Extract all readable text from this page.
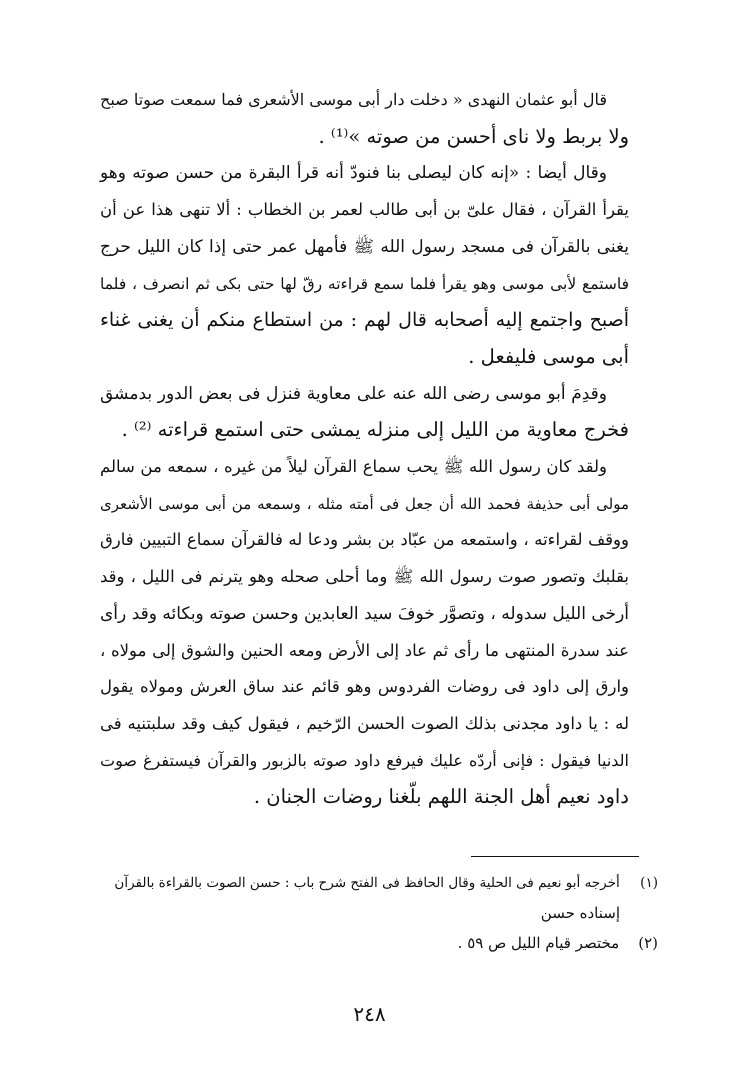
قال أبو عثمان النهدى « دخلت دار أبى موسى الأشعرى فما سمعت صوتا صبح
ولا بربط ولا ناى أحسن من صوته »⁽¹⁾ .

وقال أيضا : «إنه كان ليصلى بنا فنودّ أنه قرأ البقرة من حسن صوته وهو
يقرأ القرآن ، فقال علىّ بن أبى طالب لعمر بن الخطاب : ألا تنهى هذا عن أن
يغنى بالقرآن فى مسجد رسول الله ﷺ فأمهل عمر حتى إذا كان الليل حرج
فاستمع لأبى موسى وهو يقرأ فلما سمع قراءته رقّ لها حتى بكى ثم انصرف ، فلما
أصبح واجتمع إليه أصحابه قال لهم : من استطاع منكم أن يغنى غناء
أبى موسى فليفعل .

وقدِمَ أبو موسى رضى الله عنه على معاوية فنزل فى بعض الدور بدمشق
فخرج معاوية من الليل إلى منزله يمشى حتى استمع قراءته ⁽²⁾ .

ولقد كان رسول الله ﷺ يحب سماع القرآن ليلاً من غيره ، سمعه من سالم
مولى أبى حذيفة فحمد الله أن جعل فى أمته مثله ، وسمعه من أبى موسى الأشعرى
ووقف لقراءته ، واستمعه من عبّاد بن بشر ودعا له فالقرآن سماع التبيين فارق
بقلبك وتصور صوت رسول الله ﷺ وما أحلى صحله وهو يترنم فى الليل ، وقد
أرخى الليل سدوله ، وتصوَّر خوفَ سيد العابدين وحسن صوته وبكائه وقد رأى
عند سدرة المنتهى ما رأى ثم عاد إلى الأرض ومعه الحنين والشوق إلى مولاه ،
وارق إلى داود فى روضات الفردوس وهو قائم عند ساق العرش ومولاه يقول
له : يا داود مجدنى بذلك الصوت الحسن الرّخيم ، فيقول كيف وقد سلبتنيه فى
الدنيا فيقول : فإنى أردّه عليك فيرفع داود صوته بالزبور والقرآن فيستفرغ صوت
داود نعيم أهل الجنة اللهم بلّغنا روضات الجنان .

(١) أخرجه أبو نعيم فى الحلية وقال الحافظ فى الفتح شرح باب : حسن الصوت بالقراءة بالقرآن
إسناده حسن
(٢) مختصر قيام الليل ص ٥٩ .
٢٤٨
